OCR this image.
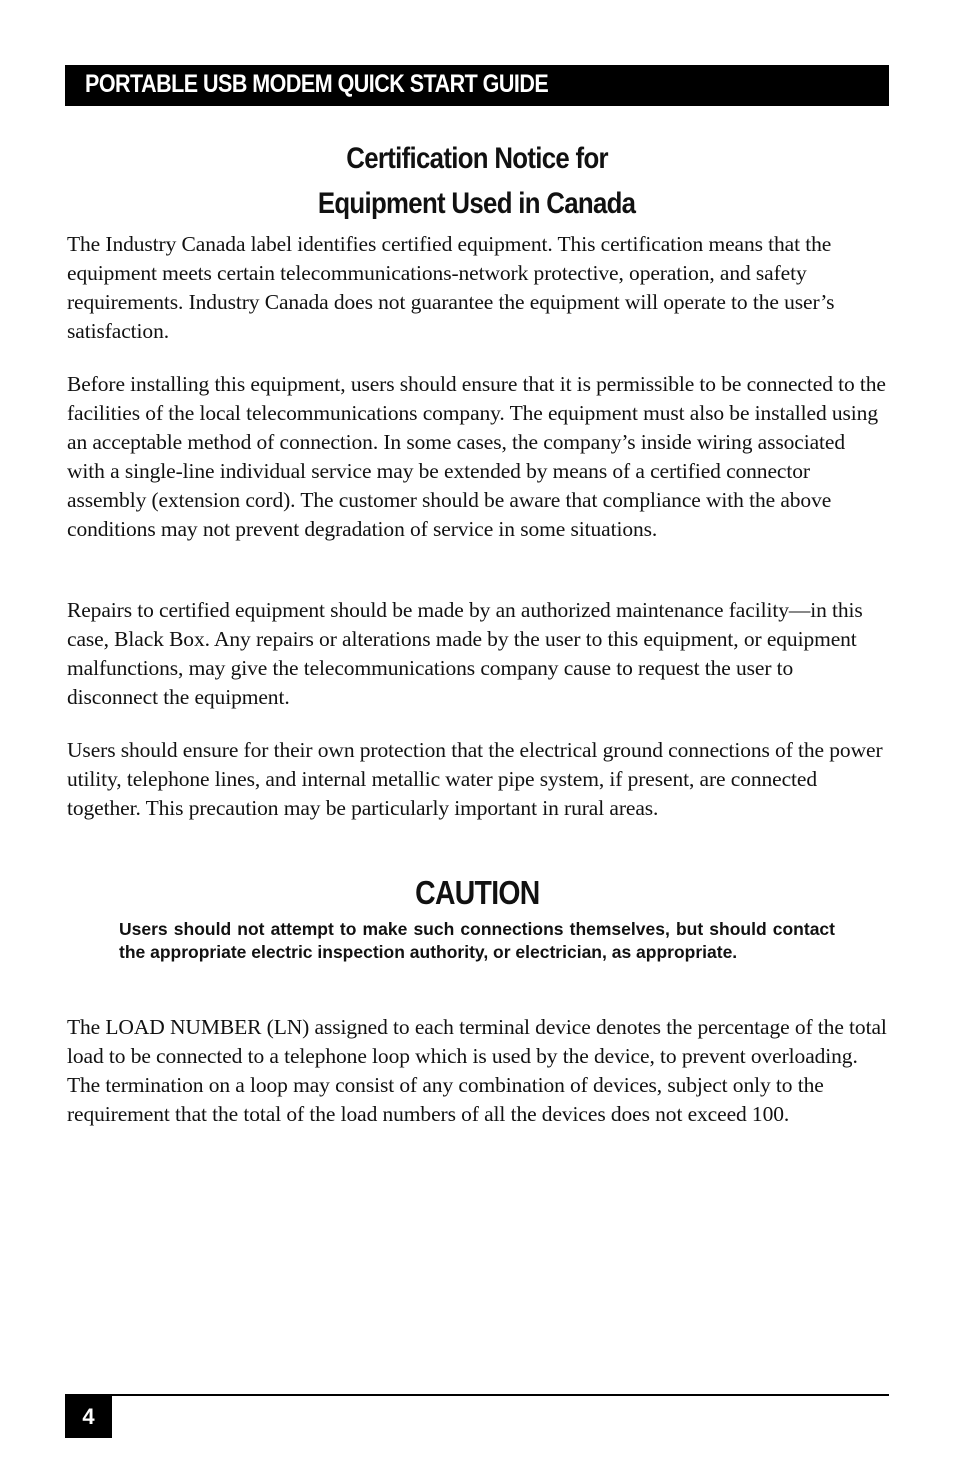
PORTABLE USB MODEM QUICK START GUIDE
Certification Notice for
Equipment Used in Canada

The Industry Canada label identifies certified equipment. This certification means that the equipment meets certain telecommunications-network protective, operation, and safety requirements. Industry Canada does not guarantee the equipment will operate to the user’s satisfaction.

Before installing this equipment, users should ensure that it is permissible to be connected to the facilities of the local telecommunications company. The equipment must also be installed using an acceptable method of connection. In some cases, the company’s inside wiring associated with a single-line individual service may be extended by means of a certified connector assembly (extension cord). The customer should be aware that compliance with the above conditions may not prevent degradation of service in some situations.

Repairs to certified equipment should be made by an authorized maintenance facility—in this case, Black Box. Any repairs or alterations made by the user to this equipment, or equipment malfunctions, may give the telecommunications company cause to request the user to disconnect the equipment.

Users should ensure for their own protection that the electrical ground connections of the power utility, telephone lines, and internal metallic water pipe system, if present, are connected together. This precaution may be particularly important in rural areas.

CAUTION

Users should not attempt to make such connections themselves, but should contact the appropriate electric inspection authority, or electrician, as appropriate.

The LOAD NUMBER (LN) assigned to each terminal device denotes the percentage of the total load to be connected to a telephone loop which is used by the device, to prevent overloading. The termination on a loop may consist of any combination of devices, subject only to the requirement that the total of the load numbers of all the devices does not exceed 100.

4
